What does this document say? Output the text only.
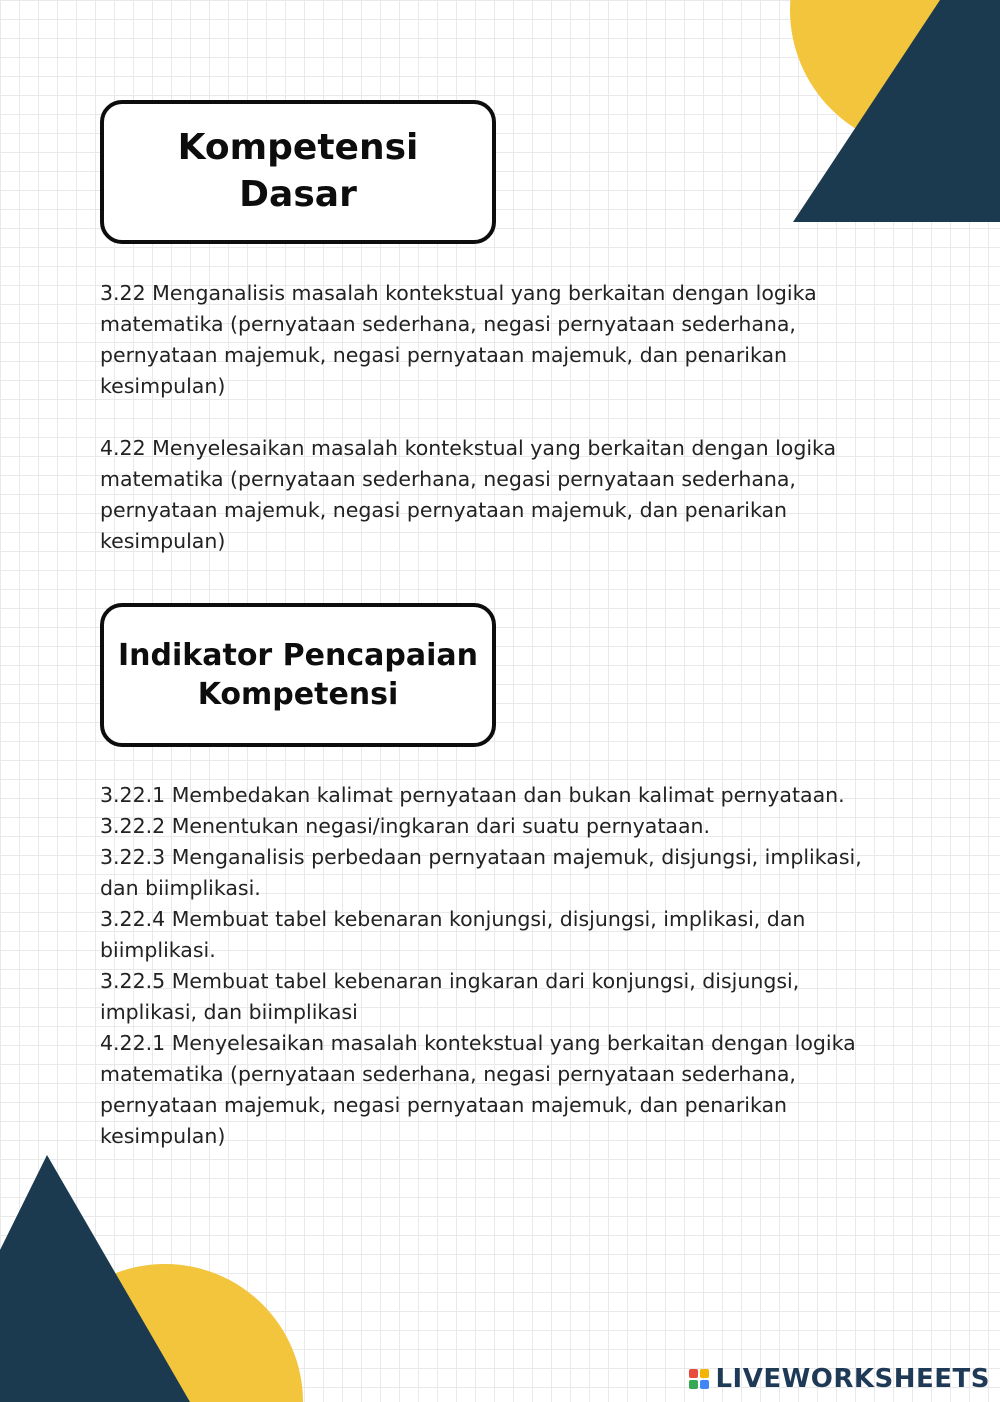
Kompetensi
Dasar

3.22 Menganalisis masalah kontekstual yang berkaitan dengan logika matematika (pernyataan sederhana, negasi pernyataan sederhana, pernyataan majemuk, negasi pernyataan majemuk, dan penarikan kesimpulan)

4.22 Menyelesaikan masalah kontekstual yang berkaitan dengan logika matematika (pernyataan sederhana, negasi pernyataan sederhana, pernyataan majemuk, negasi pernyataan majemuk, dan penarikan kesimpulan)

Indikator Pencapaian
Kompetensi
3.22.1 Membedakan kalimat pernyataan dan bukan kalimat pernyataan.
3.22.2 Menentukan negasi/ingkaran dari suatu pernyataan.
3.22.3 Menganalisis perbedaan pernyataan majemuk, disjungsi, implikasi, dan biimplikasi.
3.22.4 Membuat tabel kebenaran konjungsi, disjungsi, implikasi, dan biimplikasi.
3.22.5 Membuat tabel kebenaran ingkaran dari konjungsi, disjungsi, implikasi, dan biimplikasi
4.22.1 Menyelesaikan masalah kontekstual yang berkaitan dengan logika matematika (pernyataan sederhana, negasi pernyataan sederhana, pernyataan majemuk, negasi pernyataan majemuk, dan penarikan kesimpulan)
LIVEWORKSHEETS
